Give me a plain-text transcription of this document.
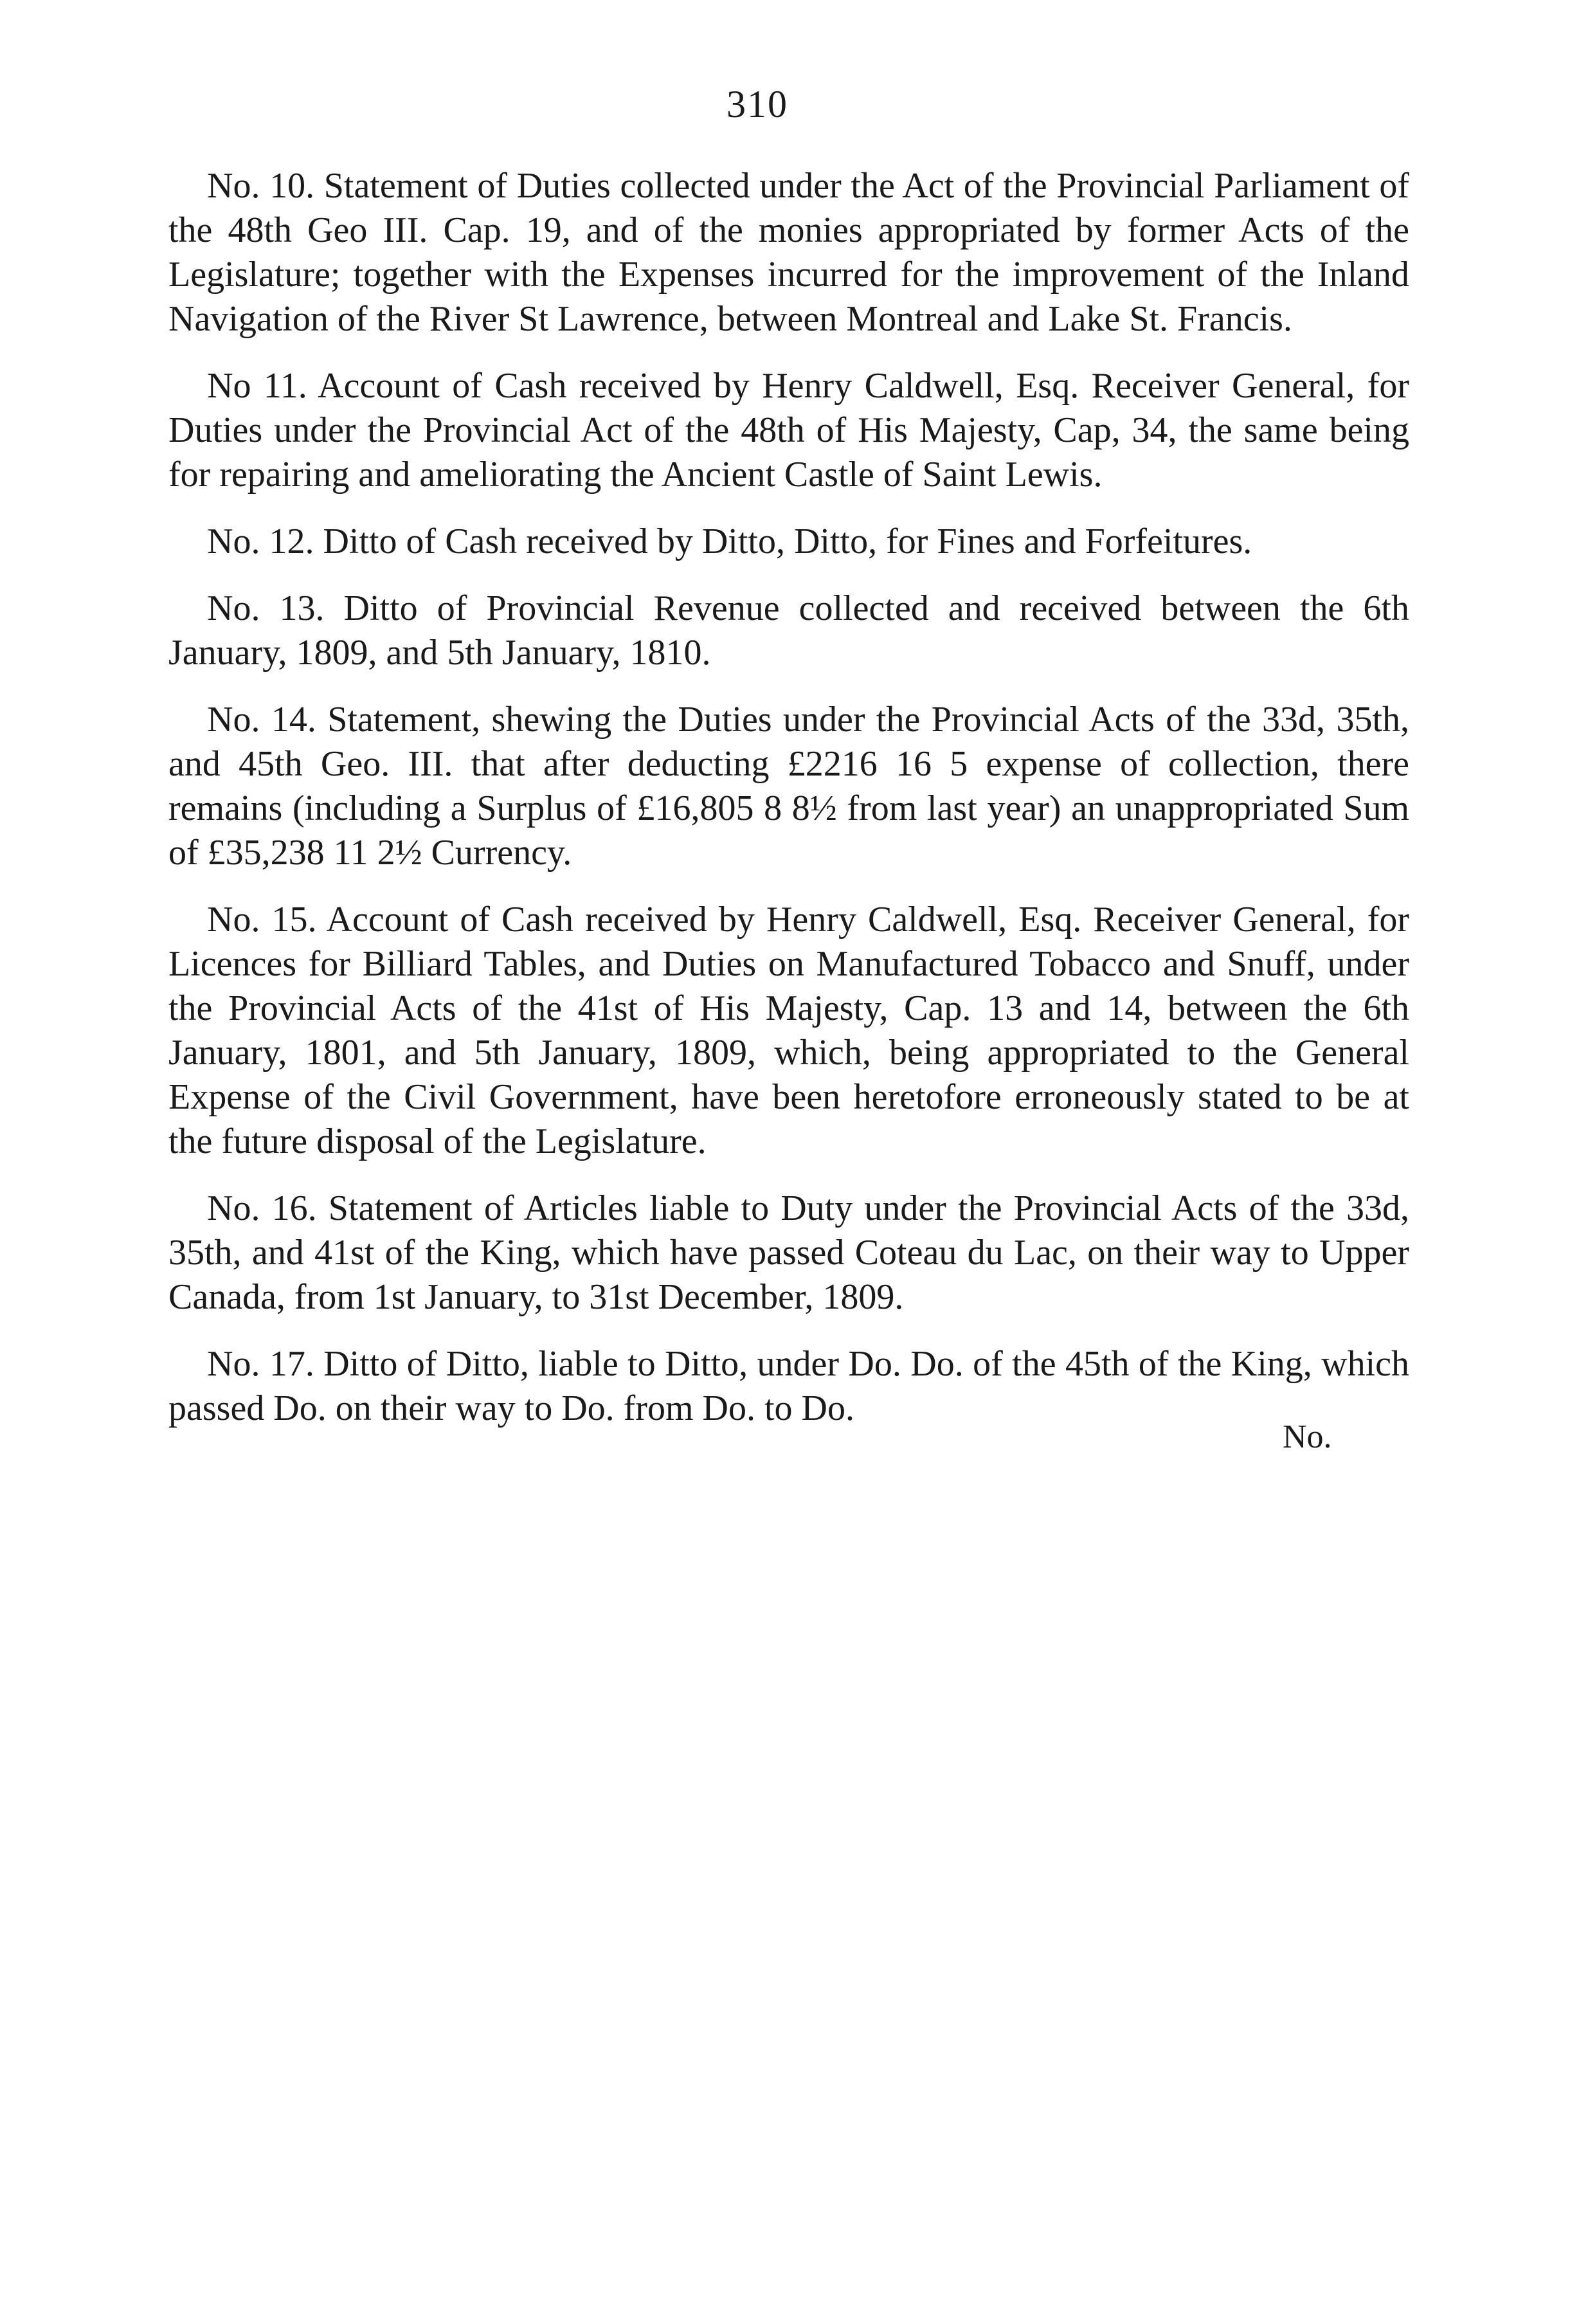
310

No. 10. Statement of Duties collected under the Act of the Provincial Parliament of the 48th Geo III. Cap. 19, and of the monies appropriated by former Acts of the Legislature; together with the Expenses incurred for the improvement of the Inland Navigation of the River St Lawrence, between Montreal and Lake St. Francis.

No 11. Account of Cash received by Henry Caldwell, Esq. Receiver General, for Duties under the Provincial Act of the 48th of His Majesty, Cap, 34, the same being for repairing and ameliorating the Ancient Castle of Saint Lewis.

No. 12. Ditto of Cash received by Ditto, Ditto, for Fines and Forfeitures.

No. 13. Ditto of Provincial Revenue collected and received between the 6th January, 1809, and 5th January, 1810.

No. 14. Statement, shewing the Duties under the Provincial Acts of the 33d, 35th, and 45th Geo. III. that after deducting £2216 16 5 expense of collection, there remains (including a Surplus of £16,805 8 8½ from last year) an unappropriated Sum of £35,238 11 2½ Currency.

No. 15. Account of Cash received by Henry Caldwell, Esq. Receiver General, for Licences for Billiard Tables, and Duties on Manufactured Tobacco and Snuff, under the Provincial Acts of the 41st of His Majesty, Cap. 13 and 14, between the 6th January, 1801, and 5th January, 1809, which, being appropriated to the General Expense of the Civil Government, have been heretofore erroneously stated to be at the future disposal of the Legislature.

No. 16. Statement of Articles liable to Duty under the Provincial Acts of the 33d, 35th, and 41st of the King, which have passed Coteau du Lac, on their way to Upper Canada, from 1st January, to 31st December, 1809.

No. 17. Ditto of Ditto, liable to Ditto, under Do. Do. of the 45th of the King, which passed Do. on their way to Do. from Do. to Do.

No.
